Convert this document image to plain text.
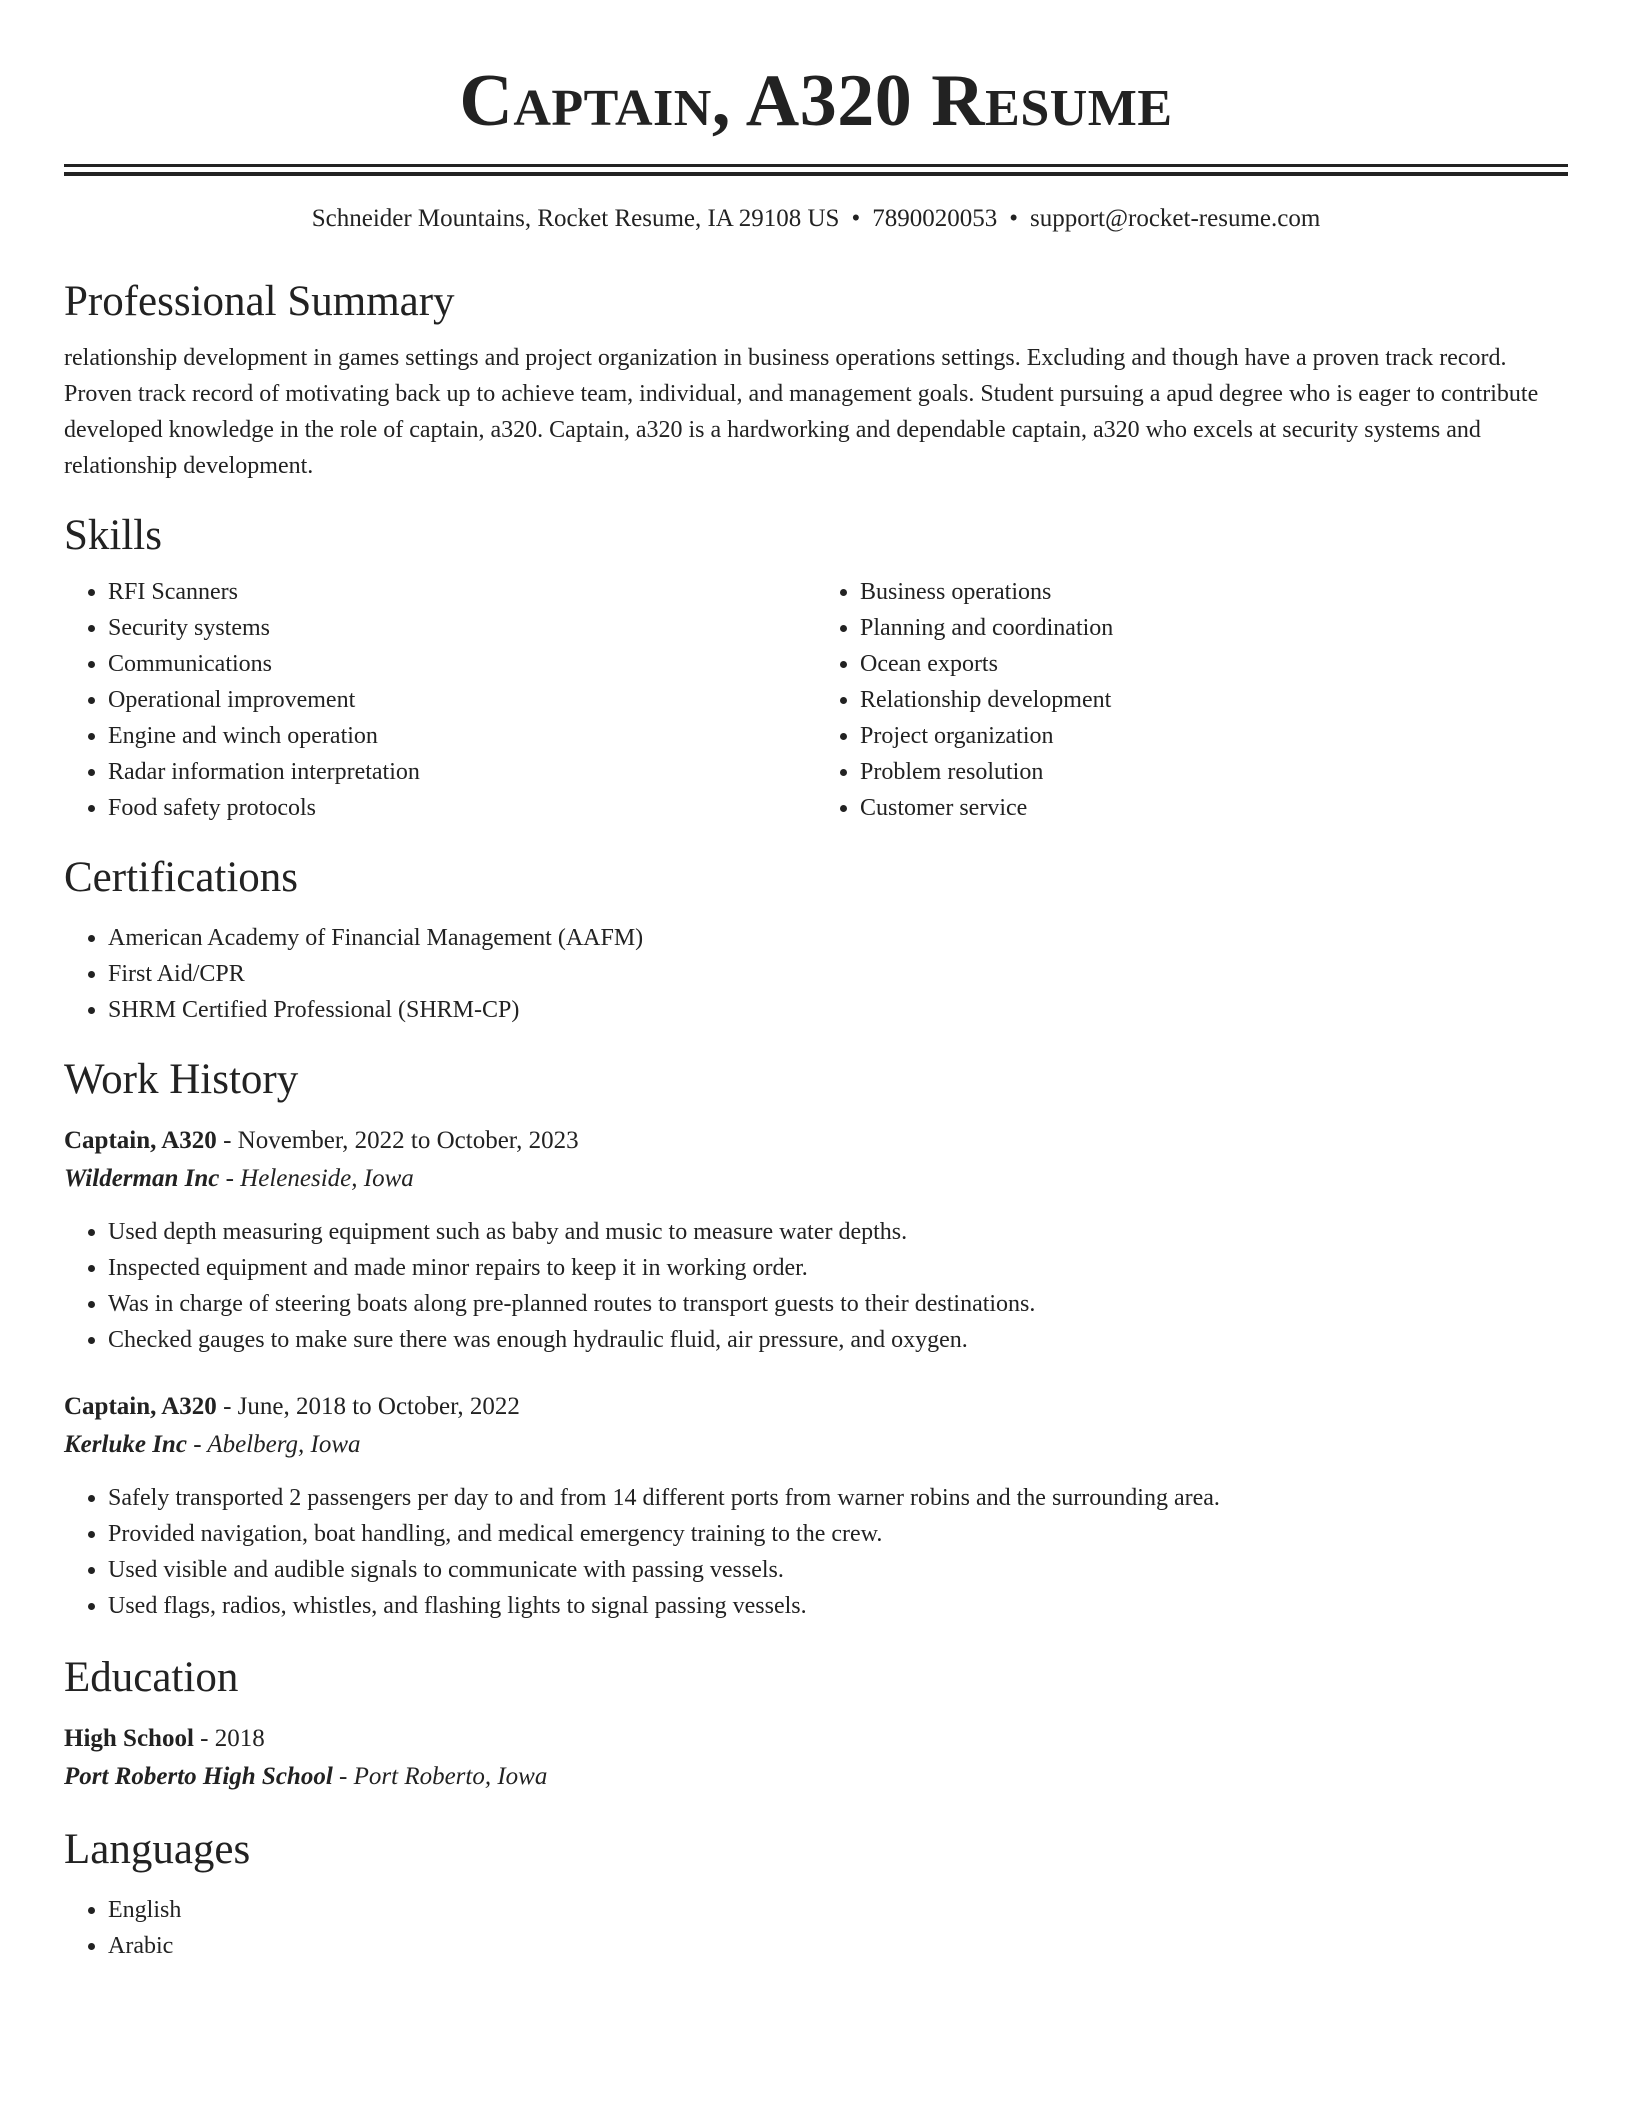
Captain, A320 Resume
Schneider Mountains, Rocket Resume, IA 29108 US • 7890020053 • support@rocket-resume.com
Professional Summary

relationship development in games settings and project organization in business operations settings. Excluding and though have a proven track record. Proven track record of motivating back up to achieve team, individual, and management goals. Student pursuing a apud degree who is eager to contribute developed knowledge in the role of captain, a320. Captain, a320 is a hardworking and dependable captain, a320 who excels at security systems and relationship development.

Skills
• RFI Scanners
• Security systems
• Communications
• Operational improvement
• Engine and winch operation
• Radar information interpretation
• Food safety protocols
• Business operations
• Planning and coordination
• Ocean exports
• Relationship development
• Project organization
• Problem resolution
• Customer service
Certifications
• American Academy of Financial Management (AAFM)
• First Aid/CPR
• SHRM Certified Professional (SHRM-CP)
Work History
Captain, A320 - November, 2022 to October, 2023
Wilderman Inc - Heleneside, Iowa
• Used depth measuring equipment such as baby and music to measure water depths.
• Inspected equipment and made minor repairs to keep it in working order.
• Was in charge of steering boats along pre-planned routes to transport guests to their destinations.
• Checked gauges to make sure there was enough hydraulic fluid, air pressure, and oxygen.
Captain, A320 - June, 2018 to October, 2022
Kerluke Inc - Abelberg, Iowa
• Safely transported 2 passengers per day to and from 14 different ports from warner robins and the surrounding area.
• Provided navigation, boat handling, and medical emergency training to the crew.
• Used visible and audible signals to communicate with passing vessels.
• Used flags, radios, whistles, and flashing lights to signal passing vessels.
Education
High School - 2018
Port Roberto High School - Port Roberto, Iowa
Languages
• English
• Arabic
